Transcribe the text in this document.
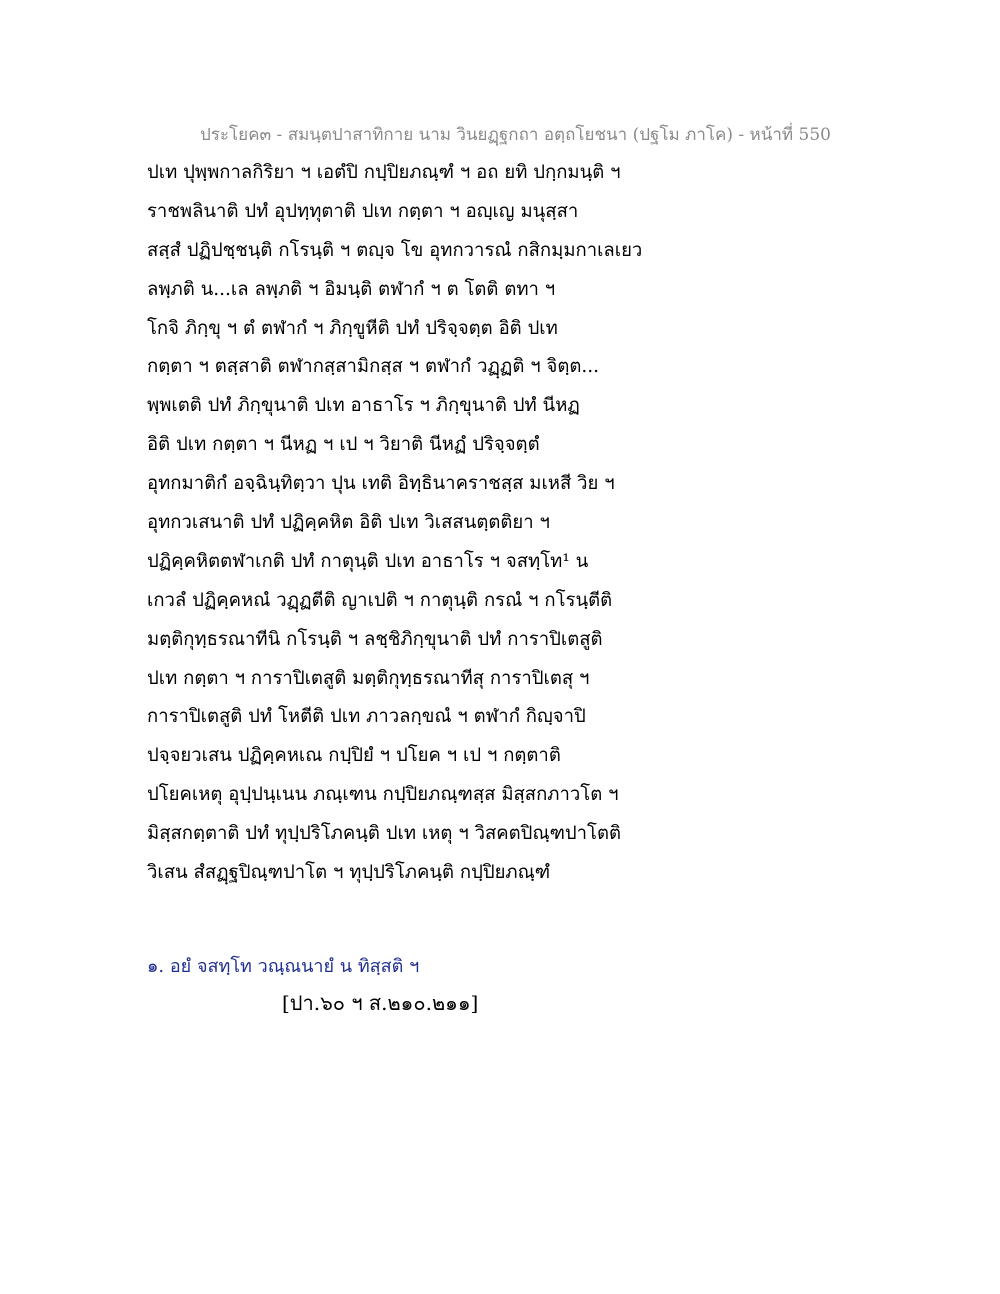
ประโยค๓ - สมนฺตปาสาทิกาย นาม วินยฏฺฐกถา อตฺถโยชนา (ปฐโม ภาโค) - หน้าที่ 550
ปเท ปุพฺพกาลกิริยา ฯ เอตํปิ กปฺปิยภณฺฑํ ฯ อถ ยทิ ปกฺกมนฺติ ฯ
ราชพลินาติ ปทํ อุปทฺทุตาติ ปเท กตฺตา ฯ อญฺเญ มนุสฺสา
สสฺสํ ปฏิปชฺชนฺติ กโรนฺติ ฯ ตญฺจ โข อุทกวารณํ กสิกมฺมกาเลเยว
ลพฺภติ น...เล ลพฺภติ ฯ อิมนฺติ ตฬากํ ฯ ต โตติ ตทา ฯ
โกจิ ภิกฺขุ ฯ ตํ ตฬากํ ฯ ภิกฺขูหีติ ปทํ ปริจฺจตฺต อิติ ปเท
กตฺตา ฯ ตสฺสาติ ตฬากสฺสามิกสฺส ฯ ตฬากํ วฏฺฏติ ฯ จิตฺต...
พฺพเตติ ปทํ ภิกฺขุนาติ ปเท อาธาโร ฯ ภิกฺขุนาติ ปทํ นีหฏ
อิติ ปเท กตฺตา ฯ นีหฏ ฯ เป ฯ วิยาติ นีหฏํ ปริจฺจตฺตํ
อุทกมาติกํ อจฺฉินฺทิตฺวา ปุน เทติ อิทฺธินาคราชสฺส มเหสี วิย ฯ
อุทกวเสนาติ ปทํ ปฏิคฺคหิต อิติ ปเท วิเสสนตฺตติยา ฯ
ปฏิคฺคหิตตฬาเกติ ปทํ กาตุนฺติ ปเท อาธาโร ฯ จสทฺโท¹ น
เกวลํ ปฏิคฺคหณํ วฏฺฏตีติ ญาเปติ ฯ กาตุนฺติ กรณํ ฯ กโรนฺตีติ
มตฺติกุทฺธรณาทีนิ กโรนฺติ ฯ ลชฺชิภิกฺขุนาติ ปทํ การาปิเตสูติ
ปเท กตฺตา ฯ การาปิเตสูติ มตฺติกุทฺธรณาทีสุ การาปิเตสุ ฯ
การาปิเตสูติ ปทํ โหตีติ ปเท ภาวลกฺขณํ ฯ ตฬากํ กิญฺจาปิ
ปจฺจยวเสน ปฏิคฺคหเณ กปฺปิยํ ฯ ปโยค ฯ เป ฯ กตฺตาติ
ปโยคเหตุ อุปฺปนฺเนน ภณฺเฑน กปฺปิยภณฺฑสฺส มิสฺสกภาวโต ฯ
มิสฺสกตฺตาติ ปทํ ทุปฺปริโภคนฺติ ปเท เหตุ ฯ วิสคตปิณฺฑปาโตติ
วิเสน สํสฏฺฐปิณฺฑปาโต ฯ ทุปฺปริโภคนฺติ กปฺปิยภณฺฑํ
๑. อยํ จสทฺโท วณฺณนายํ น ทิสฺสติ ฯ
[ปา.๖๐ ฯ ส.๒๑๐.๒๑๑]
